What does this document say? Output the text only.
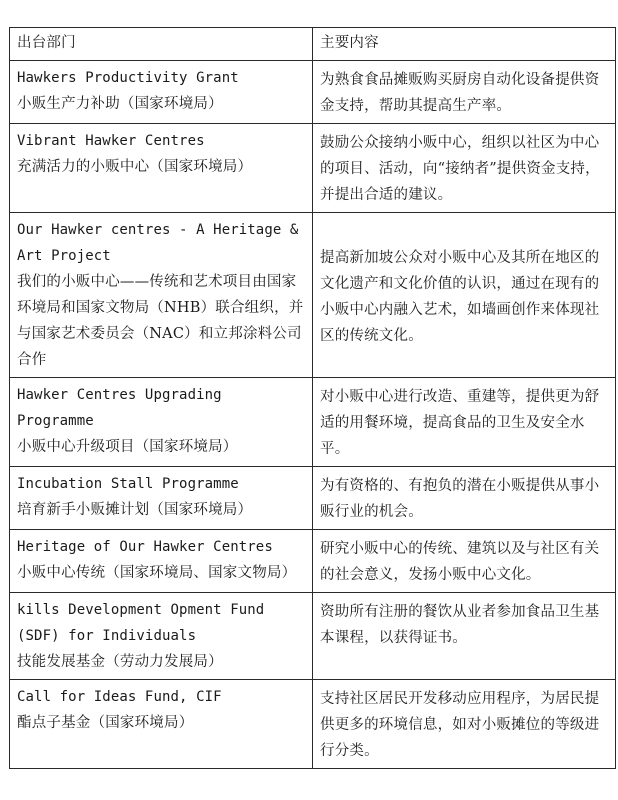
出台部门	主要内容

Hawkers Productivity Grant
小贩生产力补助（国家环境局）	为熟食食品摊贩购买厨房自动化设备提供资金支持，帮助其提高生产率。

Vibrant Hawker Centres
充满活力的小贩中心（国家环境局）	鼓励公众接纳小贩中心，组织以社区为中心的项目、活动，向“接纳者”提供资金支持，并提出合适的建议。

Our Hawker centres - A Heritage & Art Project
我们的小贩中心——传统和艺术项目由国家环境局和国家文物局（NHB）联合组织，并与国家艺术委员会（NAC）和立邦涂料公司合作	提高新加坡公众对小贩中心及其所在地区的文化遗产和文化价值的认识，通过在现有的小贩中心内融入艺术，如墙画创作来体现社区的传统文化。

Hawker Centres Upgrading Programme
小贩中心升级项目（国家环境局）	对小贩中心进行改造、重建等，提供更为舒适的用餐环境，提高食品的卫生及安全水平。

Incubation Stall Programme
培育新手小贩摊计划（国家环境局）	为有资格的、有抱负的潜在小贩提供从事小贩行业的机会。

Heritage of Our Hawker Centres
小贩中心传统（国家环境局、国家文物局）	研究小贩中心的传统、建筑以及与社区有关的社会意义，发扬小贩中心文化。

kills Development Opment Fund (SDF) for Individuals
技能发展基金（劳动力发展局）	资助所有注册的餐饮从业者参加食品卫生基本课程，以获得证书。

Call for Ideas Fund, CIF
酯点子基金（国家环境局）	支持社区居民开发移动应用程序，为居民提供更多的环境信息，如对小贩摊位的等级进行分类。
